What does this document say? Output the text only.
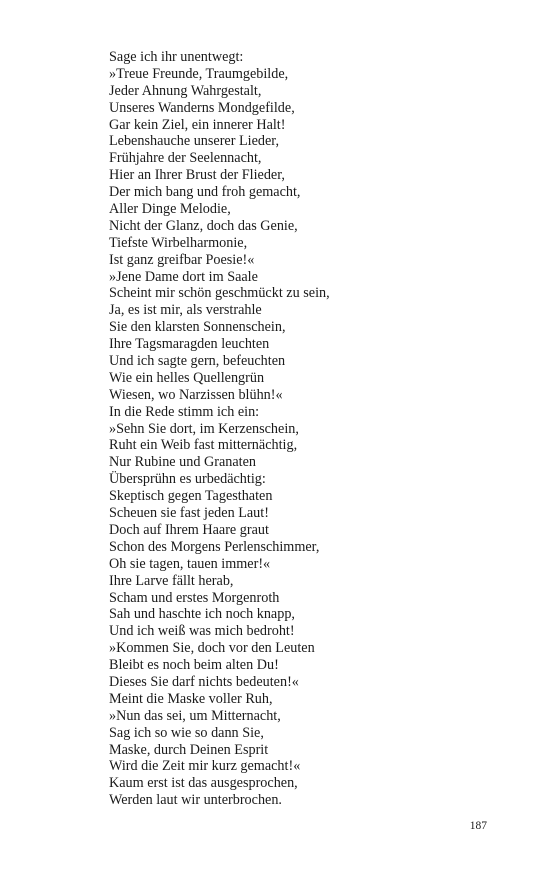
Sage ich ihr unentwegt:
»Treue Freunde, Traumgebilde,
Jeder Ahnung Wahrgestalt,
Unseres Wanderns Mondgefilde,
Gar kein Ziel, ein innerer Halt!
Lebenshauche unserer Lieder,
Frühjahre der Seelennacht,
Hier an Ihrer Brust der Flieder,
Der mich bang und froh gemacht,
Aller Dinge Melodie,
Nicht der Glanz, doch das Genie,
Tiefste Wirbelharmonie,
Ist ganz greifbar Poesie!«
»Jene Dame dort im Saale
Scheint mir schön geschmückt zu sein,
Ja, es ist mir, als verstrahle
Sie den klarsten Sonnenschein,
Ihre Tagsmaragden leuchten
Und ich sagte gern, befeuchten
Wie ein helles Quellengrün
Wiesen, wo Narzissen blühn!«
In die Rede stimm ich ein:
»Sehn Sie dort, im Kerzenschein,
Ruht ein Weib fast mitternächtig,
Nur Rubine und Granaten
Übersprühn es urbedächtig:
Skeptisch gegen Tagesthaten
Scheuen sie fast jeden Laut!
Doch auf Ihrem Haare graut
Schon des Morgens Perlenschimmer,
Oh sie tagen, tauen immer!«
Ihre Larve fällt herab,
Scham und erstes Morgenroth
Sah und haschte ich noch knapp,
Und ich weiß was mich bedroht!
»Kommen Sie, doch vor den Leuten
Bleibt es noch beim alten Du!
Dieses Sie darf nichts bedeuten!«
Meint die Maske voller Ruh,
»Nun das sei, um Mitternacht,
Sag ich so wie so dann Sie,
Maske, durch Deinen Esprit
Wird die Zeit mir kurz gemacht!«
Kaum erst ist das ausgesprochen,
Werden laut wir unterbrochen.
187
